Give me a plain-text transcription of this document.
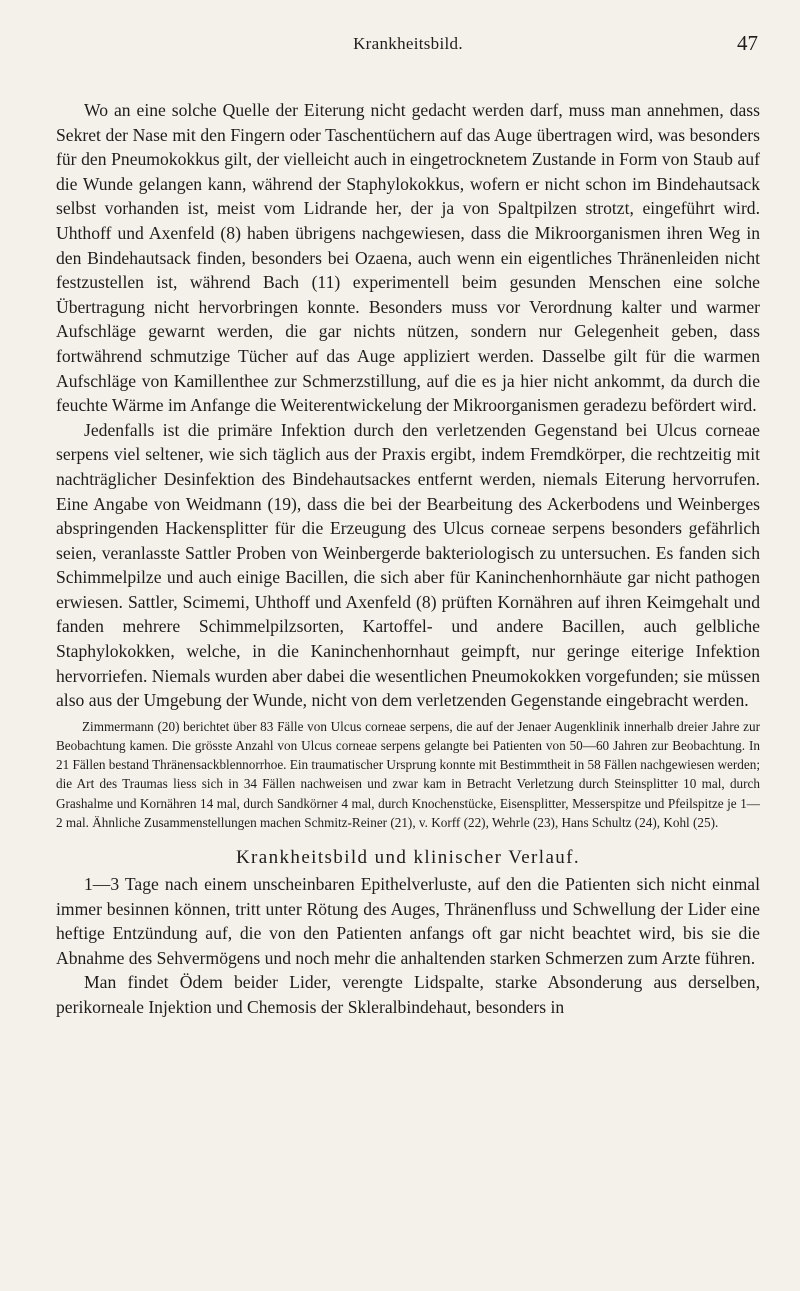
Krankheitsbild.	47

Wo an eine solche Quelle der Eiterung nicht gedacht werden darf, muss man annehmen, dass Sekret der Nase mit den Fingern oder Taschentüchern auf das Auge übertragen wird, was besonders für den Pneumokokkus gilt, der vielleicht auch in eingetrocknetem Zustande in Form von Staub auf die Wunde gelangen kann, während der Staphylokokkus, wofern er nicht schon im Bindehautsack selbst vorhanden ist, meist vom Lidrande her, der ja von Spaltpilzen strotzt, eingeführt wird. Uhthoff und Axenfeld (8) haben übrigens nachgewiesen, dass die Mikroorganismen ihren Weg in den Bindehautsack finden, besonders bei Ozaena, auch wenn ein eigentliches Thränenleiden nicht festzustellen ist, während Bach (11) experimentell beim gesunden Menschen eine solche Übertragung nicht hervorbringen konnte. Besonders muss vor Verordnung kalter und warmer Aufschläge gewarnt werden, die gar nichts nützen, sondern nur Gelegenheit geben, dass fortwährend schmutzige Tücher auf das Auge appliziert werden. Dasselbe gilt für die warmen Aufschläge von Kamillenthee zur Schmerzstillung, auf die es ja hier nicht ankommt, da durch die feuchte Wärme im Anfange die Weiterentwickelung der Mikroorganismen geradezu befördert wird.

Jedenfalls ist die primäre Infektion durch den verletzenden Gegenstand bei Ulcus corneae serpens viel seltener, wie sich täglich aus der Praxis ergibt, indem Fremdkörper, die rechtzeitig mit nachträglicher Desinfektion des Bindehautsackes entfernt werden, niemals Eiterung hervorrufen. Eine Angabe von Weidmann (19), dass die bei der Bearbeitung des Ackerbodens und Weinberges abspringenden Hackensplitter für die Erzeugung des Ulcus corneae serpens besonders gefährlich seien, veranlasste Sattler Proben von Weinbergerde bakteriologisch zu untersuchen. Es fanden sich Schimmelpilze und auch einige Bacillen, die sich aber für Kaninchenhornhäute gar nicht pathogen erwiesen. Sattler, Scimemi, Uhthoff und Axenfeld (8) prüften Kornähren auf ihren Keimgehalt und fanden mehrere Schimmelpilzsorten, Kartoffel- und andere Bacillen, auch gelbliche Staphylokokken, welche, in die Kaninchenhornhaut geimpft, nur geringe eiterige Infektion hervorriefen. Niemals wurden aber dabei die wesentlichen Pneumokokken vorgefunden; sie müssen also aus der Umgebung der Wunde, nicht von dem verletzenden Gegenstande eingebracht werden.

Zimmermann (20) berichtet über 83 Fälle von Ulcus corneae serpens, die auf der Jenaer Augenklinik innerhalb dreier Jahre zur Beobachtung kamen. Die grösste Anzahl von Ulcus corneae serpens gelangte bei Patienten von 50—60 Jahren zur Beobachtung. In 21 Fällen bestand Thränensackblennorrhoe. Ein traumatischer Ursprung konnte mit Bestimmtheit in 58 Fällen nachgewiesen werden; die Art des Traumas liess sich in 34 Fällen nachweisen und zwar kam in Betracht Verletzung durch Steinsplitter 10 mal, durch Grashalme und Kornähren 14 mal, durch Sandkörner 4 mal, durch Knochenstücke, Eisensplitter, Messerspitze und Pfeilspitze je 1—2 mal. Ähnliche Zusammenstellungen machen Schmitz-Reiner (21), v. Korff (22), Wehrle (23), Hans Schultz (24), Kohl (25).
Krankheitsbild und klinischer Verlauf.

1—3 Tage nach einem unscheinbaren Epithelverluste, auf den die Patienten sich nicht einmal immer besinnen können, tritt unter Rötung des Auges, Thränenfluss und Schwellung der Lider eine heftige Entzündung auf, die von den Patienten anfangs oft gar nicht beachtet wird, bis sie die Abnahme des Sehvermögens und noch mehr die anhaltenden starken Schmerzen zum Arzte führen.

Man findet Ödem beider Lider, verengte Lidspalte, starke Absonderung aus derselben, perikorneale Injektion und Chemosis der Skleralbindehaut, besonders in
